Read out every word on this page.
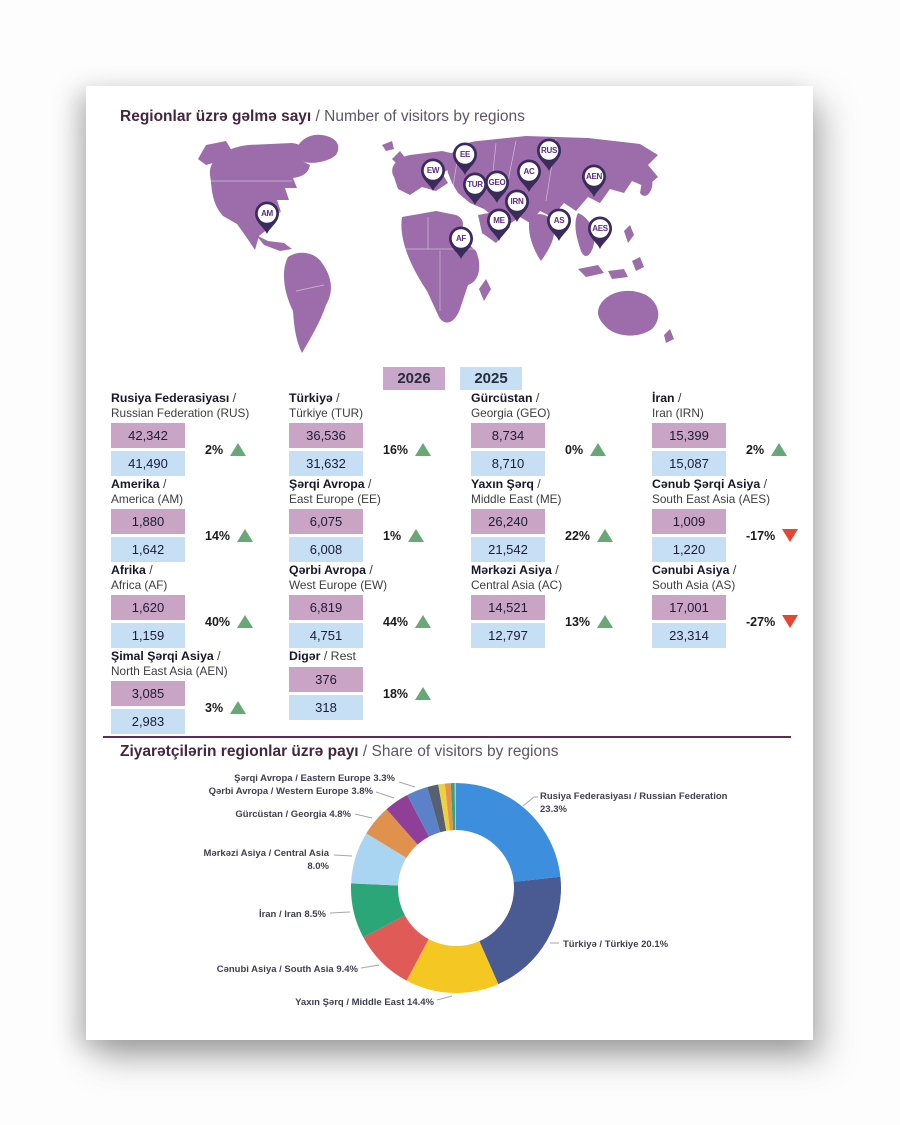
Regionlar üzrə gəlmə sayı / Number of visitors by regions
AM
EW
EE
TUR GEO
AC
RUS
AEN
IRN
ME	AS
AES
AF
2026	2025
Rusiya Federasiyası /
Russian Federation (RUS)
42,342
41,490
2%
Türkiyə /
Türkiye (TUR)
36,536
31,632
16%
Gürcüstan /
Georgia (GEO)
8,734
8,710
0%
İran /
Iran (IRN)
15,399
15,087
2%
Amerika /
America (AM)
1,880
1,642
14%
Şərqi Avropa /
East Europe (EE)
6,075
6,008
1%
Yaxın Şərq /
Middle East (ME)
26,240
21,542
22%
Cənub Şərqi Asiya /
South East Asia (AES)
1,009
1,220
-17%
Afrika /
Africa (AF)
1,620
1,159
40%
Qərbi Avropa /
West Europe (EW)
6,819
4,751
44%
Mərkəzi Asiya /
Central Asia (AC)
14,521
12,797
13%
Cənubi Asiya /
South Asia (AS)
17,001
23,314
-27%
Şimal Şərqi Asiya /
North East Asia (AEN)
3,085
2,983
3%
Digər / Rest
376
318
18%
Ziyarətçilərin regionlar üzrə payı / Share of visitors by regions
Rusiya Federasiyası / Russian Federation
23.3%
Türkiyə / Türkiye 20.1%
Yaxın Şərq / Middle East 14.4%
Cənubi Asiya / South Asia 9.4%
İran / Iran 8.5%
Mərkəzi Asiya / Central Asia
8.0%
Gürcüstan / Georgia 4.8%
Qərbi Avropa / Western Europe 3.8%
Şərqi Avropa / Eastern Europe 3.3%
